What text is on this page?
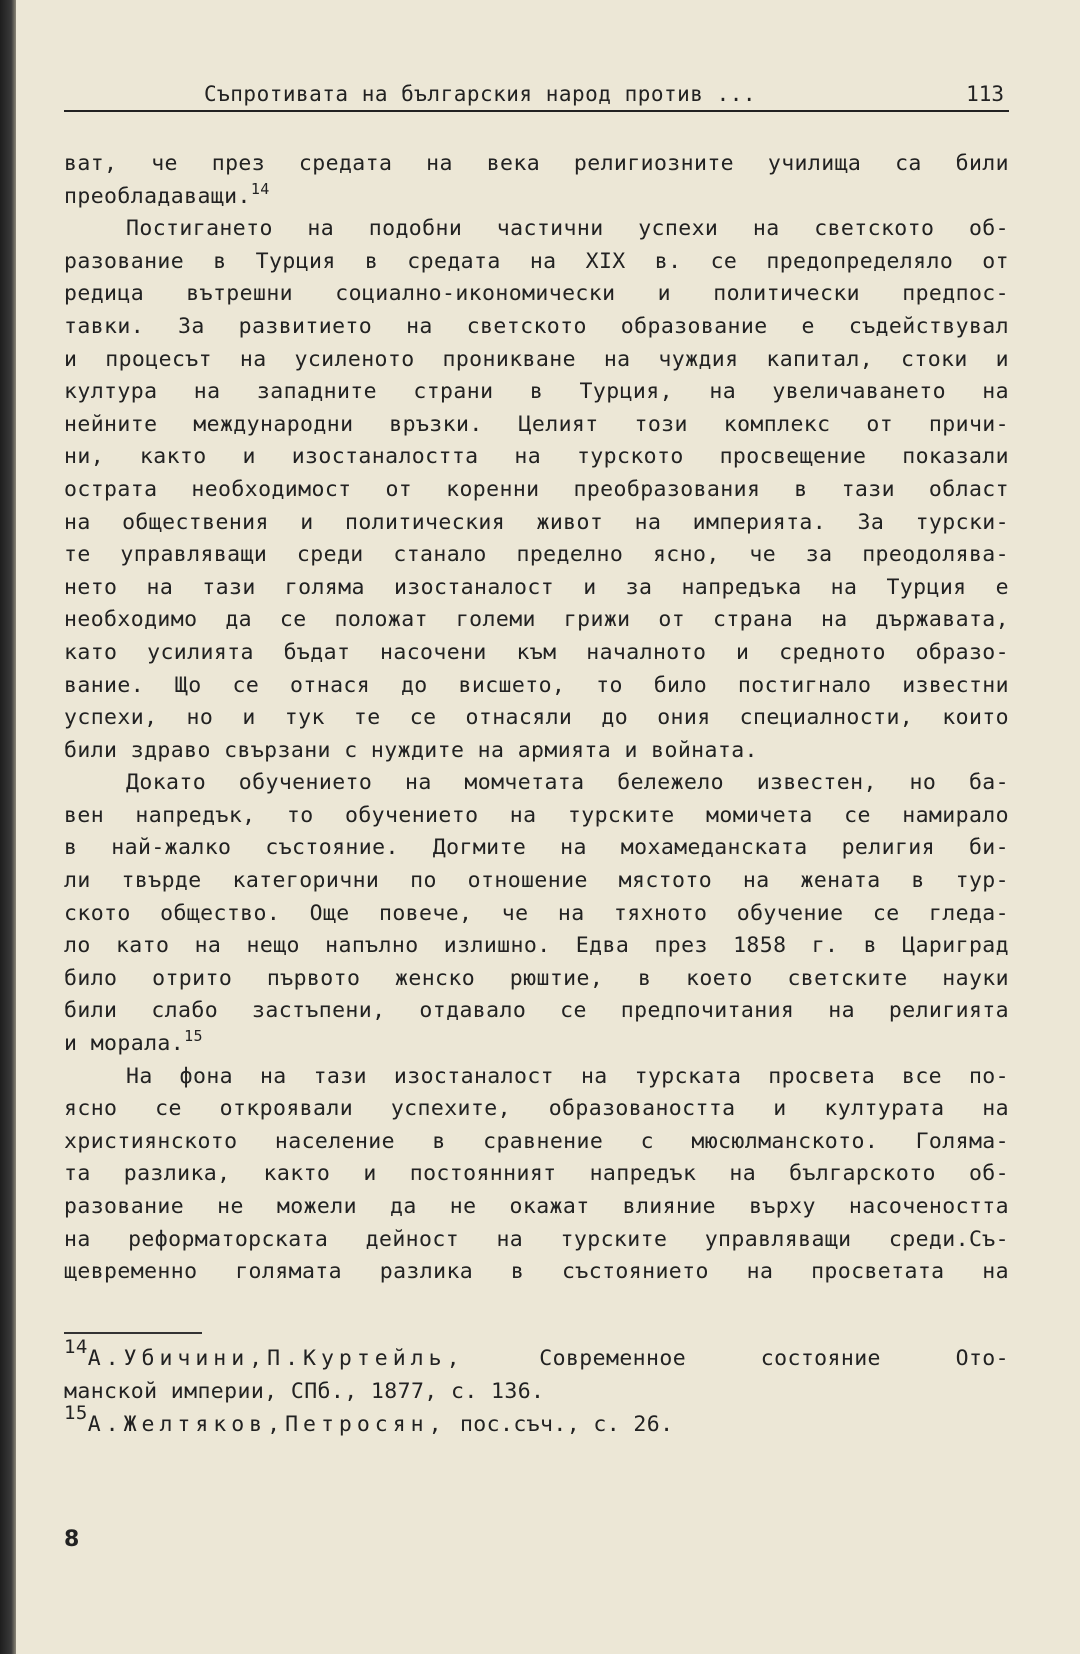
Съпротивата на българския народ против ...	113
ват, че през средата на века религиозните училища са били
преобладаващи.$^{14}$
Постигането на подобни частични успехи на светското об-
разование в Турция в средата на XIX в. се предопределяло от
редица вътрешни социално-икономически и политически предпос-
тавки. За развитието на светското образование е съдействувал
и процесът на усиленото проникване на чуждия капитал, стоки и
култура на западните страни в Турция, на увеличаването на
нейните международни връзки. Целият този комплекс от причи-
ни, както и изостаналостта на турското просвещение показали
острата необходимост от коренни преобразования в тази област
на обществения и политическия живот на империята. За турски-
те управляващи среди станало пределно ясно, че за преодолява-
нето на тази голяма изостаналост и за напредъка на Турция е
необходимо да се положат големи грижи от страна на държавата,
като усилията бъдат насочени към началното и средното образо-
вание. Що се отнася до висшето, то било постигнало известни
успехи, но и тук те се отнасяли до ония специалности, които
били здраво свързани с нуждите на армията и войната.
Докато обучението на момчетата бележело известен, но ба-
вен напредък, то обучението на турските момичета се намирало
в най-жалко състояние. Догмите на мохамеданската религия би-
ли твърде категорични по отношение мястото на жената в тур-
ското общество. Още повече, че на тяхното обучение се гледа-
ло като на нещо напълно излишно. Едва през 1858 г. в Цариград
било отрито първото женско рюштие, в което светските науки
били слабо застъпени, отдавало се предпочитания на религията
и морала.$^{15}$
На фона на тази изостаналост на турската просвета все по-
ясно се откроявали успехите, образоваността и културата на
християнското население в сравнение с мюсюлманското. Голяма-
та разлика, както и постоянният напредък на българското об-
разование не можели да не окажат влияние върху насочеността
на реформаторската дейност на турските управляващи среди.Съ-
щевременно голямата разлика в състоянието на просветата на
14А.Убичини,П.Куртейль,	Современное состояние Ото-
манской империи, СПб., 1877, с. 136.
15А.Желтяков,Петросян, пос.съч., с. 26.
8
